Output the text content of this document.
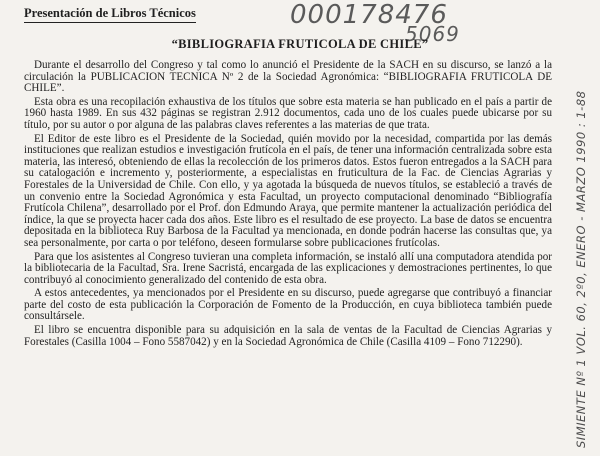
Presentación de Libros Técnicos	000178476
5069
SIMIENTE Nº 1 VOL. 60, 2º0, ENERO - MARZO 1990 : 1-88
“BIBLIOGRAFIA FRUTICOLA DE CHILE”

Durante el desarrollo del Congreso y tal como lo anunció el Presidente de la SACH en su discurso, se lanzó a la circulación la PUBLICACION TECNICA Nº 2 de la Sociedad Agronómica: “BIBLIOGRAFIA FRUTICOLA DE CHILE”.

Esta obra es una recopilación exhaustiva de los títulos que sobre esta materia se han publicado en el país a partir de 1960 hasta 1989. En sus 432 páginas se registran 2.912 documentos, cada uno de los cuales puede ubicarse por su título, por su autor o por alguna de las palabras claves referentes a las materias de que trata.

El Editor de este libro es el Presidente de la Sociedad, quién movido por la necesidad, compartida por las demás instituciones que realizan estudios e investigación frutícola en el país, de tener una información centralizada sobre esta materia, las interesó, obteniendo de ellas la recolección de los primeros datos. Estos fueron entregados a la SACH para su catalogación e incremento y, posteriormente, a especialistas en fruticultura de la Fac. de Ciencias Agrarias y Forestales de la Universidad de Chile. Con ello, y ya agotada la búsqueda de nuevos títulos, se estableció a través de un convenio entre la Sociedad Agronómica y esta Facultad, un proyecto computacional denominado “Bibliografía Frutícola Chilena”, desarrollado por el Prof. don Edmundo Araya, que permite mantener la actualización periódica del índice, la que se proyecta hacer cada dos años. Este libro es el resultado de ese proyecto. La base de datos se encuentra depositada en la biblioteca Ruy Barbosa de la Facultad ya mencionada, en donde podrán hacerse las consultas que, ya sea personalmente, por carta o por teléfono, deseen formularse sobre publicaciones frutícolas.

Para que los asistentes al Congreso tuvieran una completa información, se instaló allí una computadora atendida por la bibliotecaria de la Facultad, Sra. Irene Sacristá, encargada de las explicaciones y demostraciones pertinentes, lo que contribuyó al conocimiento generalizado del contenido de esta obra.

A estos antecedentes, ya mencionados por el Presidente en su discurso, puede agregarse que contribuyó a financiar parte del costo de esta publicación la Corporación de Fomento de la Producción, en cuya biblioteca también puede consultársele.

El libro se encuentra disponible para su adquisición en la sala de ventas de la Facultad de Ciencias Agrarias y Forestales (Casilla 1004 – Fono 5587042) y en la Sociedad Agronómica de Chile (Casilla 4109 – Fono 712290).
